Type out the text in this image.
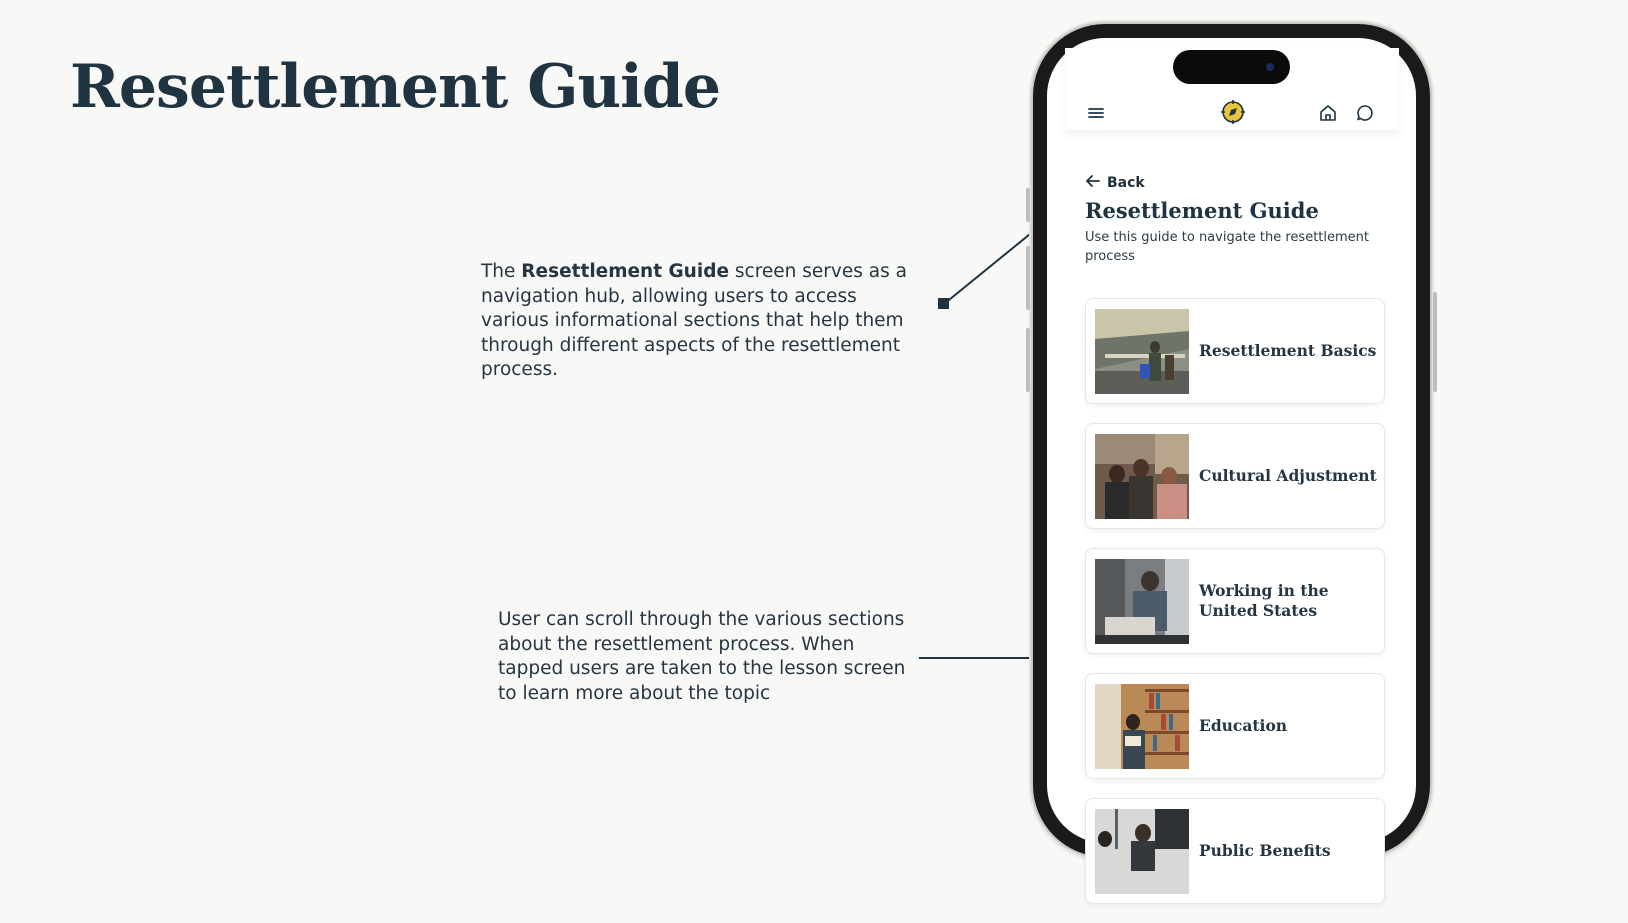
Resettlement Guide
The Resettlement Guide screen serves as a navigation hub, allowing users to access various informational sections that help them through different aspects of the resettlement process.
User can scroll through the various sections about the resettlement process. When tapped users are taken to the lesson screen to learn more about the topic
Back
Resettlement Guide
Use this guide to navigate the resettlement process
Resettlement Basics
Cultural Adjustment
Working in the United States
Education
Public Benefits
